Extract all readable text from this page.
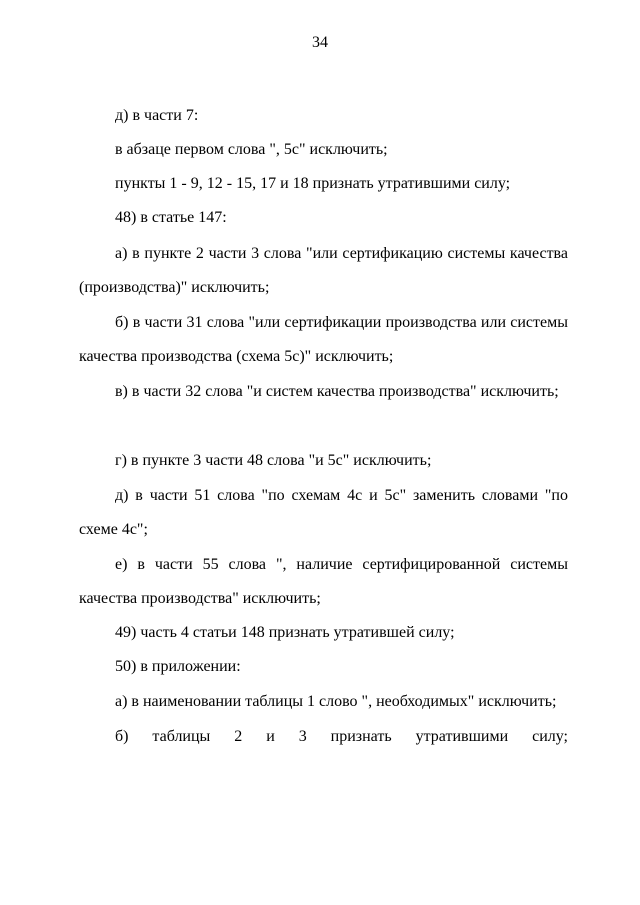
34

д) в части 7:

в абзаце первом слова ", 5с" исключить;

пункты 1 - 9, 12 - 15, 17 и 18 признать утратившими силу;

48) в статье 147:

а) в пункте 2 части 3 слова "или сертификацию системы качества (производства)" исключить;

б) в части 31 слова "или сертификации производства или системы качества производства (схема 5с)" исключить;

в) в части 32 слова "и систем качества производства" исключить;

г) в пункте 3 части 48 слова "и 5с" исключить;

д) в части 51 слова "по схемам 4с и 5с" заменить словами "по схеме 4с";

е) в части 55 слова ", наличие сертифицированной системы качества производства" исключить;

49) часть 4 статьи 148 признать утратившей силу;

50) в приложении:

а) в наименовании таблицы 1 слово ", необходимых" исключить;

б) таблицы 2 и 3 признать утратившими силу;
